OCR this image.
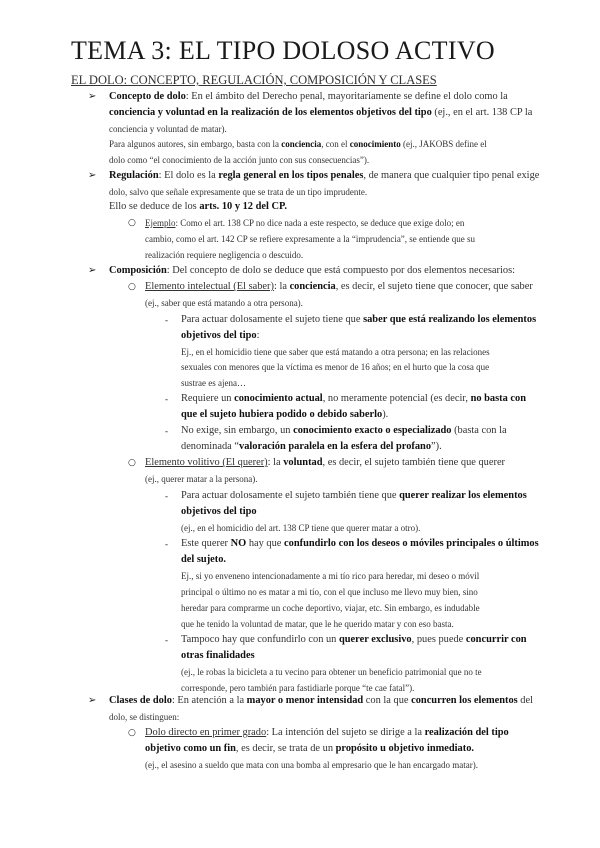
TEMA 3: EL TIPO DOLOSO ACTIVO
EL DOLO: CONCEPTO, REGULACIÓN, COMPOSICIÓN Y CLASES
➢
➢
○
➢
○
-
-
-
○
-
-
-
➢
○
Concepto de dolo: En el ámbito del Derecho penal, mayoritariamente se define el dolo como la
conciencia y voluntad en la realización de los elementos objetivos del tipo (ej., en el art. 138 CP la
conciencia y voluntad de matar).
Para algunos autores, sin embargo, basta con la conciencia, con el conocimiento (ej., JAKOBS define el
dolo como “el conocimiento de la acción junto con sus consecuencias”).
Regulación: El dolo es la regla general en los tipos penales, de manera que cualquier tipo penal exige
dolo, salvo que señale expresamente que se trata de un tipo imprudente.
Ello se deduce de los arts. 10 y 12 del CP.
Ejemplo: Como el art. 138 CP no dice nada a este respecto, se deduce que exige dolo; en
cambio, como el art. 142 CP se refiere expresamente a la “imprudencia”, se entiende que su
realización requiere negligencia o descuido.
Composición: Del concepto de dolo se deduce que está compuesto por dos elementos necesarios:
Elemento intelectual (El saber): la conciencia, es decir, el sujeto tiene que conocer, que saber
(ej., saber que está matando a otra persona).
Para actuar dolosamente el sujeto tiene que saber que está realizando los elementos
objetivos del tipo:
Ej., en el homicidio tiene que saber que está matando a otra persona; en las relaciones
sexuales con menores que la víctima es menor de 16 años; en el hurto que la cosa que
sustrae es ajena…
Requiere un conocimiento actual, no meramente potencial (es decir, no basta con
que el sujeto hubiera podido o debido saberlo).
No exige, sin embargo, un conocimiento exacto o especializado (basta con la
denominada “valoración paralela en la esfera del profano”).
Elemento volitivo (El querer): la voluntad, es decir, el sujeto también tiene que querer
(ej., querer matar a la persona).
Para actuar dolosamente el sujeto también tiene que querer realizar los elementos
objetivos del tipo
(ej., en el homicidio del art. 138 CP tiene que querer matar a otro).
Este querer NO hay que confundirlo con los deseos o móviles principales o últimos
del sujeto.
Ej., si yo enveneno intencionadamente a mi tío rico para heredar, mi deseo o móvil
principal o último no es matar a mi tío, con el que incluso me llevo muy bien, sino
heredar para comprarme un coche deportivo, viajar, etc. Sin embargo, es indudable
que he tenido la voluntad de matar, que le he querido matar y con eso basta.
Tampoco hay que confundirlo con un querer exclusivo, pues puede concurrir con
otras finalidades
(ej., le robas la bicicleta a tu vecino para obtener un beneficio patrimonial que no te
corresponde, pero también para fastidiarle porque “te cae fatal”).
Clases de dolo: En atención a la mayor o menor intensidad con la que concurren los elementos del
dolo, se distinguen:
Dolo directo en primer grado: La intención del sujeto se dirige a la realización del tipo
objetivo como un fin, es decir, se trata de un propósito u objetivo inmediato.
(ej., el asesino a sueldo que mata con una bomba al empresario que le han encargado matar).
